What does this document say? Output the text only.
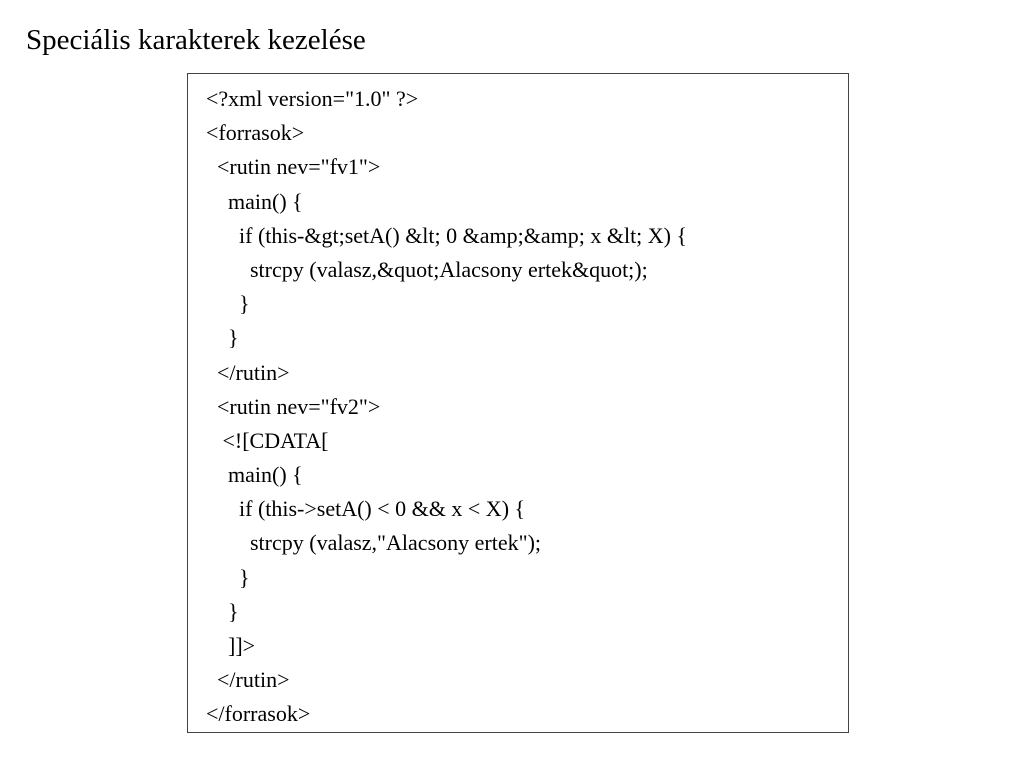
Speciális karakterek kezelése
<?xml version="1.0" ?>
<forrasok>
<rutin nev="fv1">
main() {
if (this-&gt;setA() &lt; 0 &amp;&amp; x &lt; X) {
strcpy (valasz,&quot;Alacsony ertek&quot;);
}
}
</rutin>
<rutin nev="fv2">
<![CDATA[
main() {
if (this->setA() < 0 && x < X) {
strcpy (valasz,"Alacsony ertek");
}
}
]]>
</rutin>
</forrasok>
